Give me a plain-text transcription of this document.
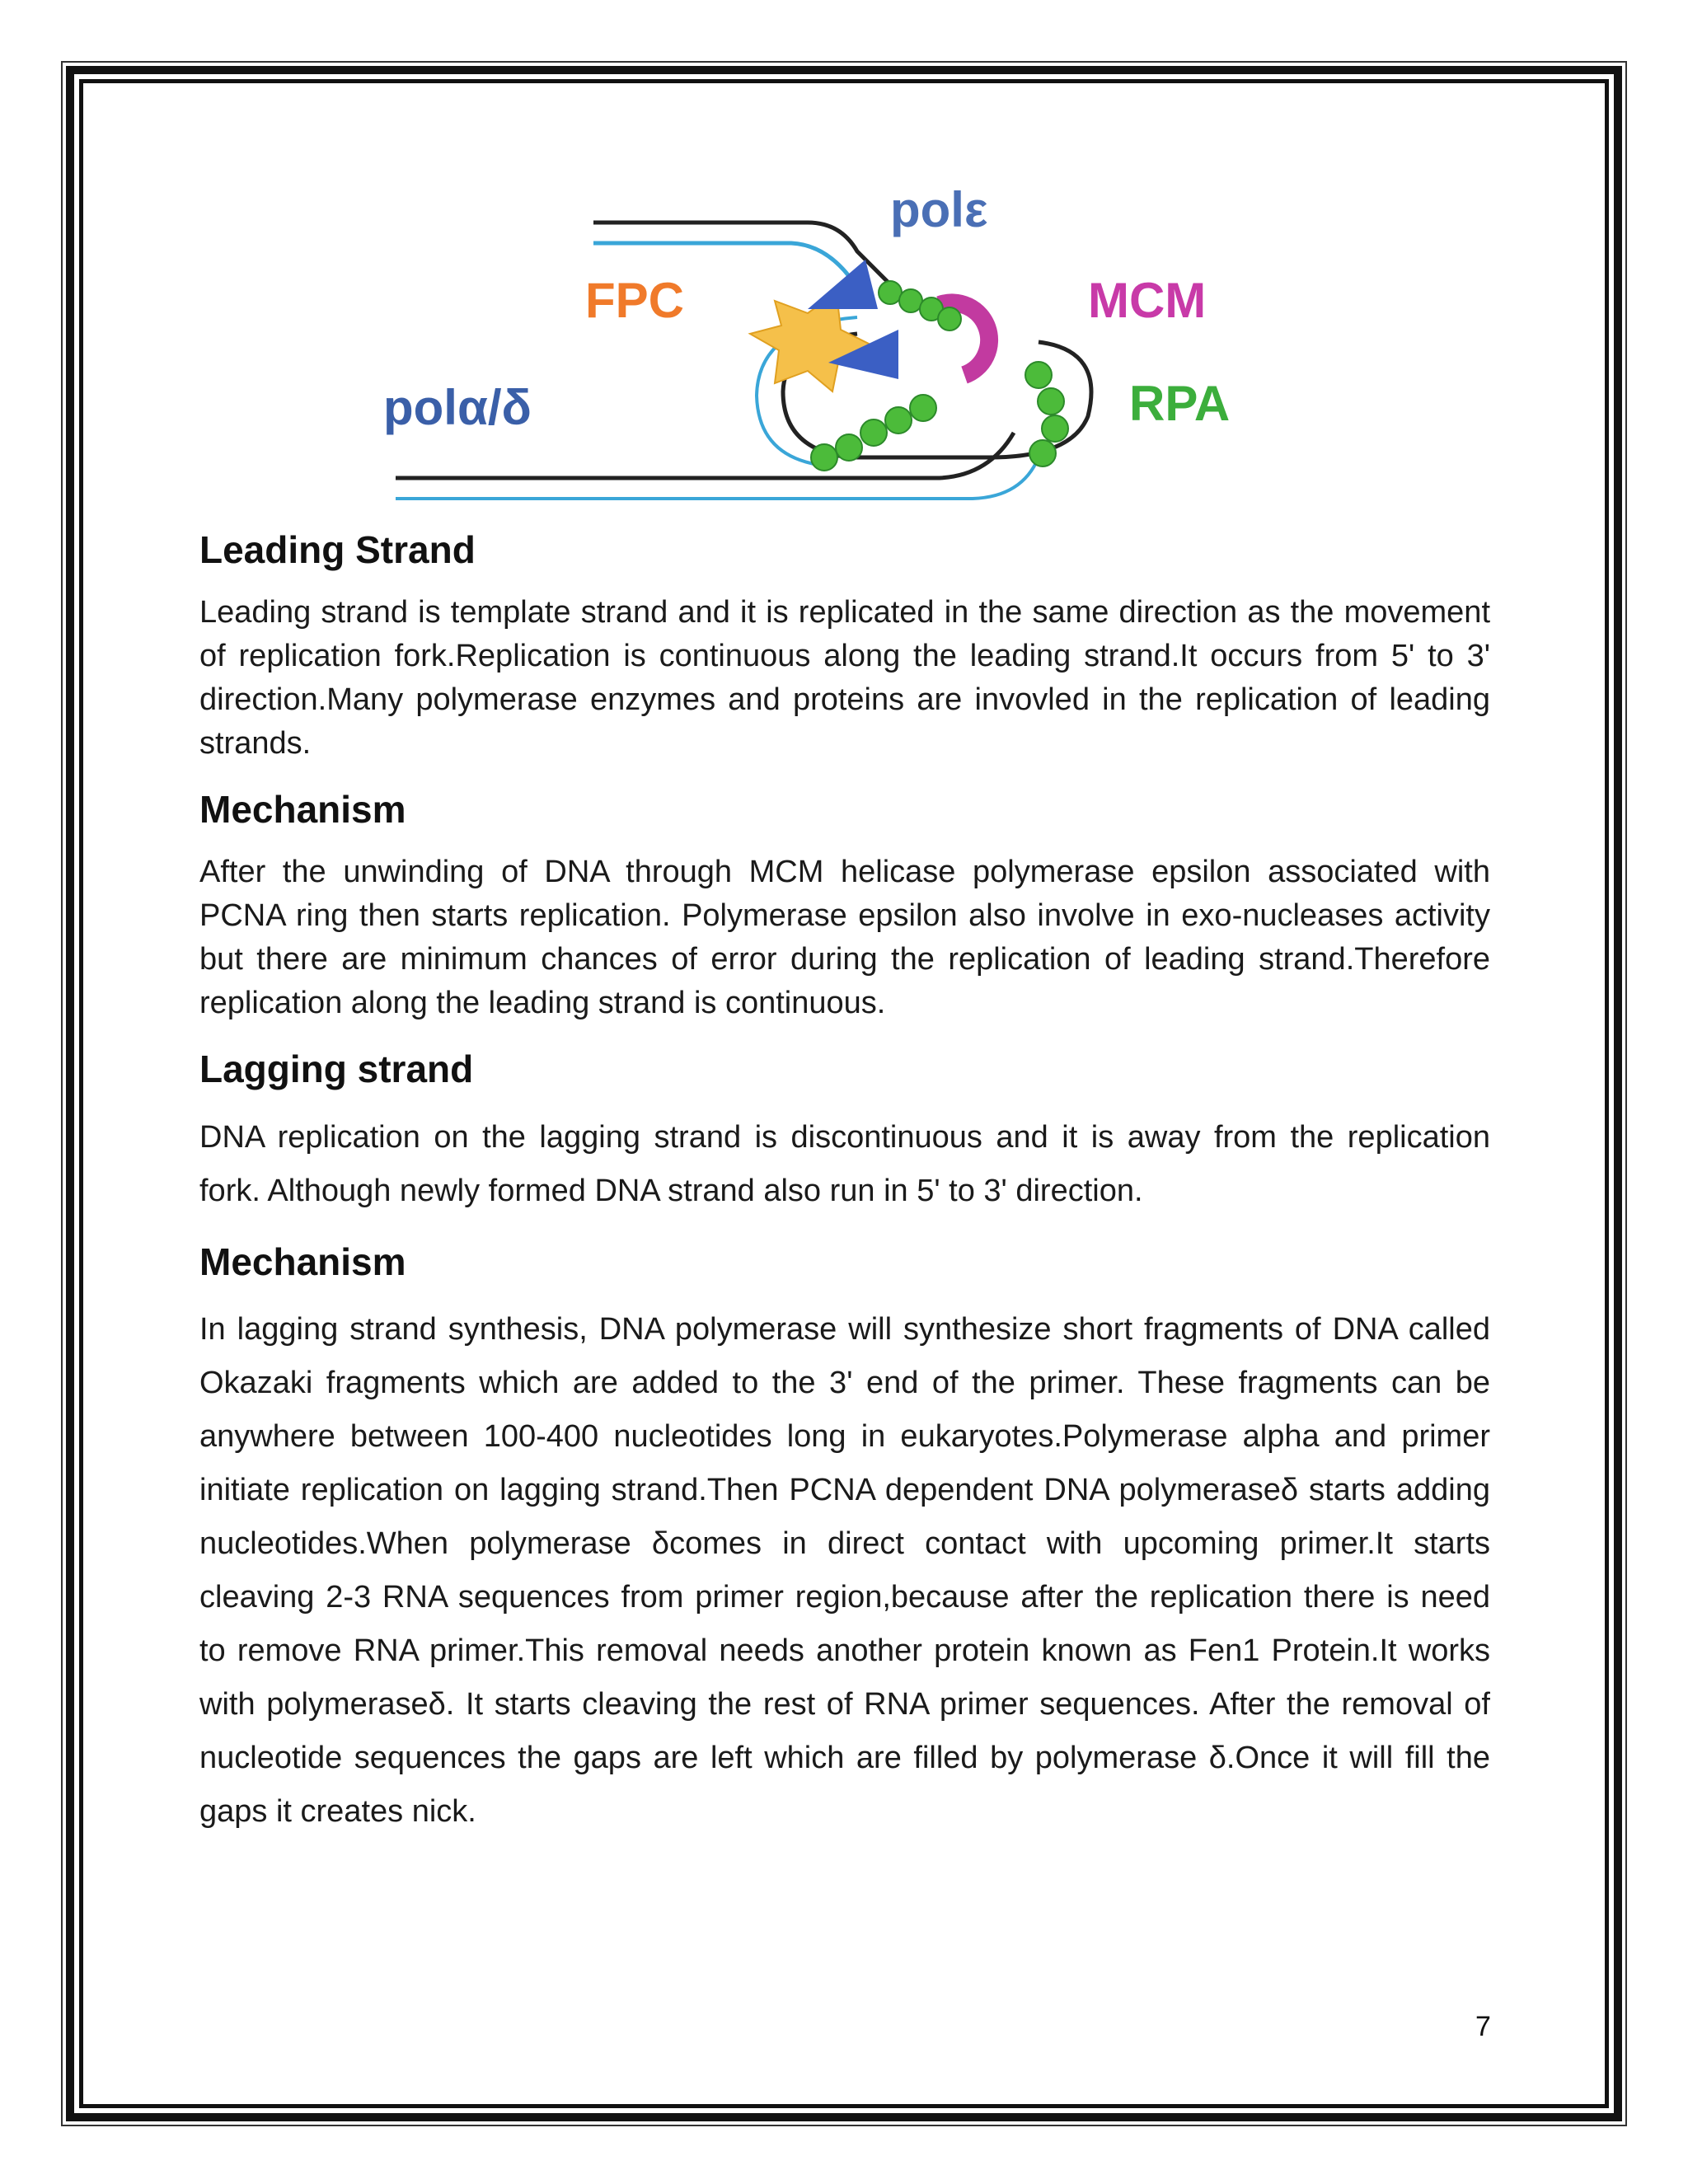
polε
FPC	MCM
polα/δ	RPA
Leading Strand

Leading strand is template strand and it is replicated in the same direction as the movement of replication fork.Replication is continuous along the leading strand.It occurs from 5' to 3' direction.Many polymerase enzymes and proteins are invovled in the replication of leading strands.

Mechanism

After the unwinding of DNA through MCM helicase polymerase epsilon associated with PCNA ring then starts replication. Polymerase epsilon also involve in exo-nucleases activity but there are minimum chances of error during the replication of leading strand.Therefore replication along the leading strand is continuous.

Lagging strand

DNA replication on the lagging strand is discontinuous and it is away from the replication fork. Although newly formed DNA strand also run in 5' to 3' direction.

Mechanism

In lagging strand synthesis, DNA polymerase will synthesize short fragments of DNA called Okazaki fragments which are added to the 3' end of the primer. These fragments can be anywhere between 100-400 nucleotides long in eukaryotes.Polymerase alpha and primer initiate replication on lagging strand.Then PCNA dependent DNA polymeraseδ starts adding nucleotides.When polymerase δcomes in direct contact with upcoming primer.It starts cleaving 2-3 RNA sequences from primer region,because after the replication there is need to remove RNA primer.This removal needs another protein known as Fen1 Protein.It works with polymeraseδ. It starts cleaving the rest of RNA primer sequences. After the removal of nucleotide sequences the gaps are left which are filled by polymerase δ.Once it will fill the gaps it creates nick.

7
